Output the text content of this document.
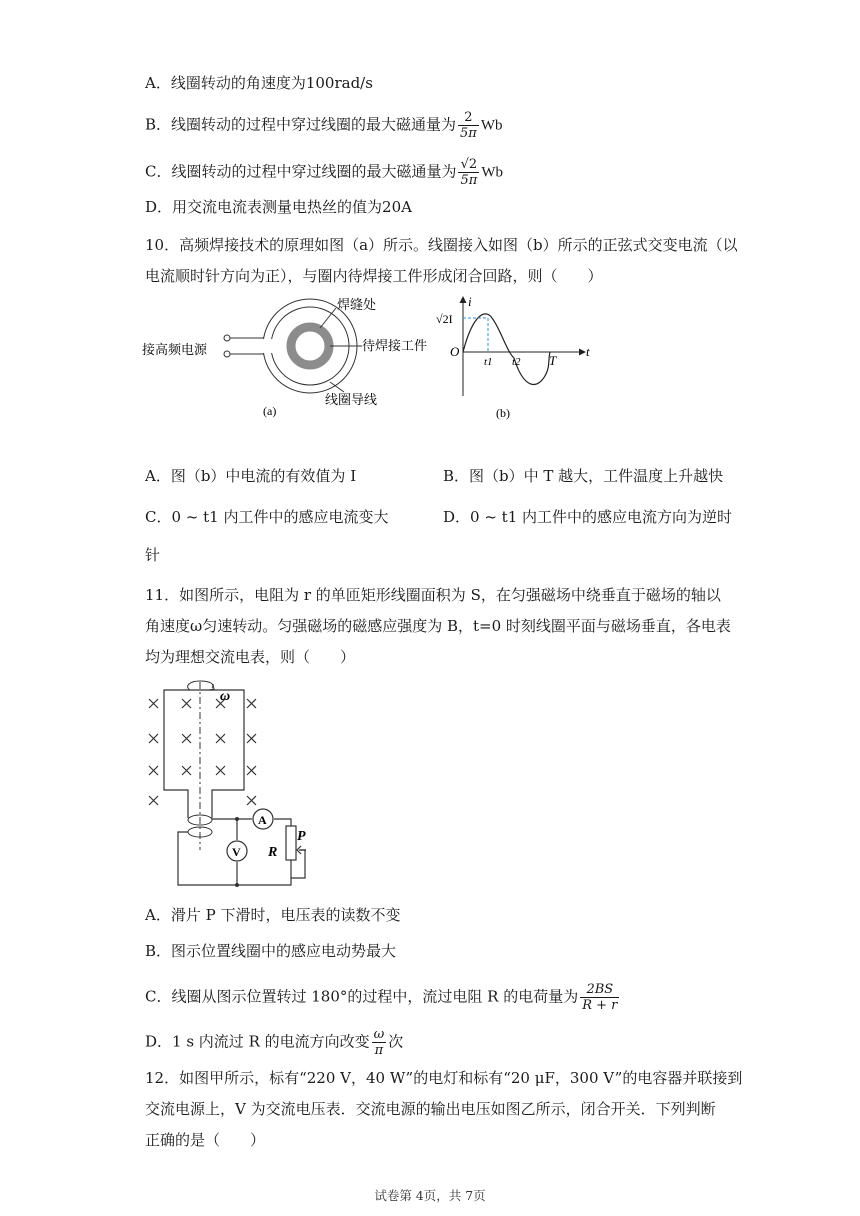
A．线圈转动的角速度为100rad/s
B．线圈转动的过程中穿过线圈的最大磁通量为 $\frac{2}{5\pi}$ Wb
C．线圈转动的过程中穿过线圈的最大磁通量为 $\frac{√2}{5\pi}$ Wb
D．用交流电流表测量电热丝的值为20A
10．高频焊接技术的原理如图（a）所示。线圈接入如图（b）所示的正弦式交变电流（以
电流顺时针方向为正），与圈内待焊接工件形成闭合回路，则（　　）
接高频电源
焊缝处
待焊接工件
线圈导线
(a)
i
t
O
√2I
t1 t2 T
(b)
A．图（b）中电流的有效值为 I	B．图（b）中 T 越大，工件温度上升越快
C．0 ~ t1 内工件中的感应电流变大	D．0 ~ t1 内工件中的感应电流方向为逆时
针
11．如图所示，电阻为 r 的单匝矩形线圈面积为 S，在匀强磁场中绕垂直于磁场的轴以
角速度ω匀速转动。匀强磁场的磁感应强度为 B，t=0 时刻线圈平面与磁场垂直，各电表
均为理想交流电表，则（　　）
ω
A
V R
P
A．滑片 P 下滑时，电压表的读数不变
B．图示位置线圈中的感应电动势最大
C．线圈从图示位置转过 180°的过程中，流过电阻 R 的电荷量为 $\frac{2BS}{R + r}$
D．1 s 内流过 R 的电流方向改变 $\frac{\omega}{\pi}$ 次
12．如图甲所示，标有“220 V，40 W”的电灯和标有“20 μF，300 V”的电容器并联接到
交流电源上，V 为交流电压表．交流电源的输出电压如图乙所示，闭合开关．下列判断
正确的是（　　）
试卷第 4页，共 7页
